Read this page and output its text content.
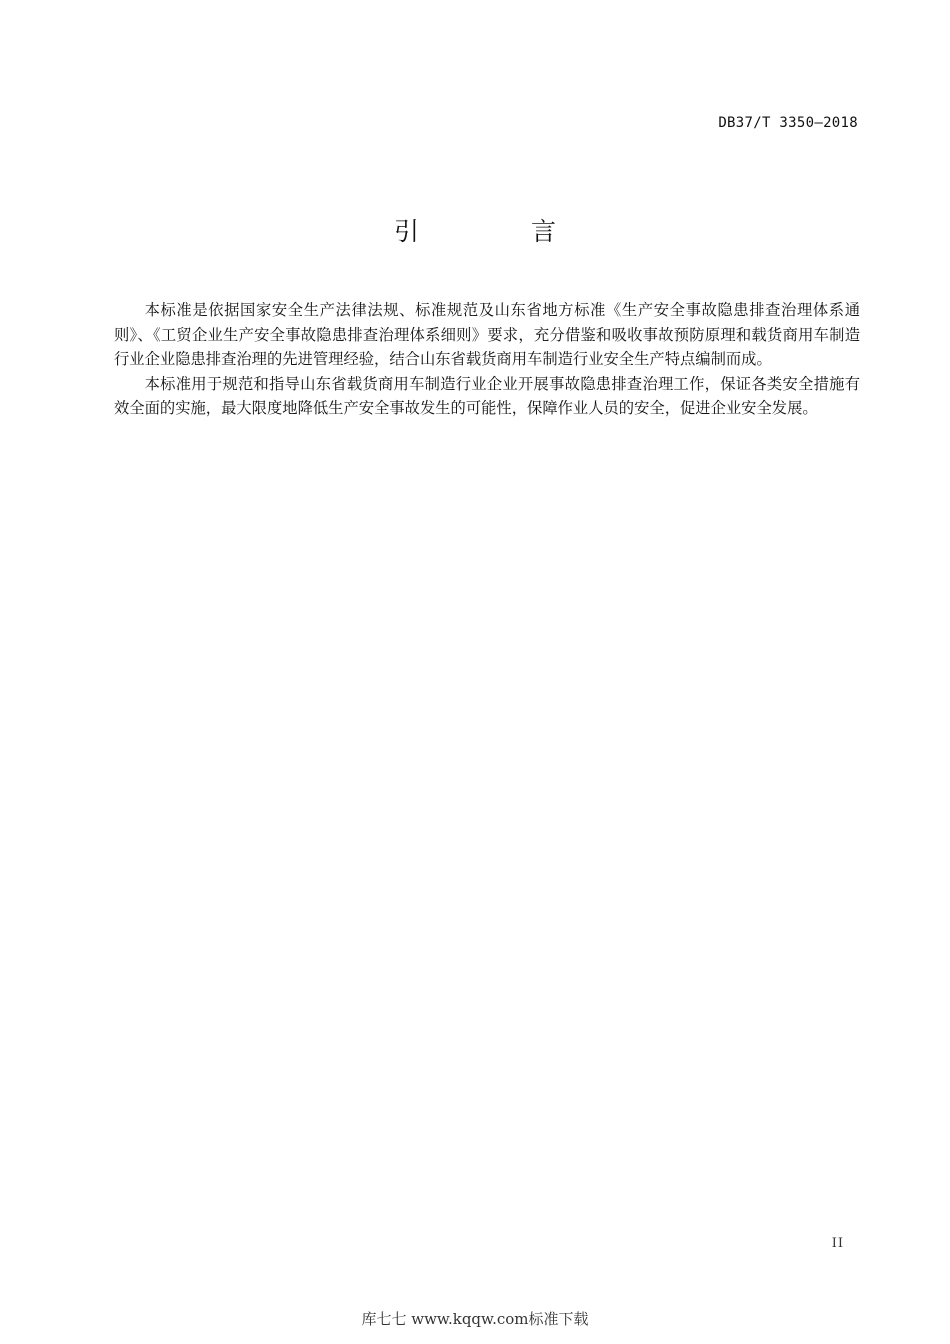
DB37/T 3350—2018
引 言

本标准是依据国家安全生产法律法规、标准规范及山东省地方标准《生产安全事故隐患排查治理体系通则》、《工贸企业生产安全事故隐患排查治理体系细则》要求，充分借鉴和吸收事故预防原理和载货商用车制造行业企业隐患排查治理的先进管理经验，结合山东省载货商用车制造行业安全生产特点编制而成。

本标准用于规范和指导山东省载货商用车制造行业企业开展事故隐患排查治理工作，保证各类安全措施有效全面的实施，最大限度地降低生产安全事故发生的可能性，保障作业人员的安全，促进企业安全发展。

II
库七七 www.kqqw.com标准下载
